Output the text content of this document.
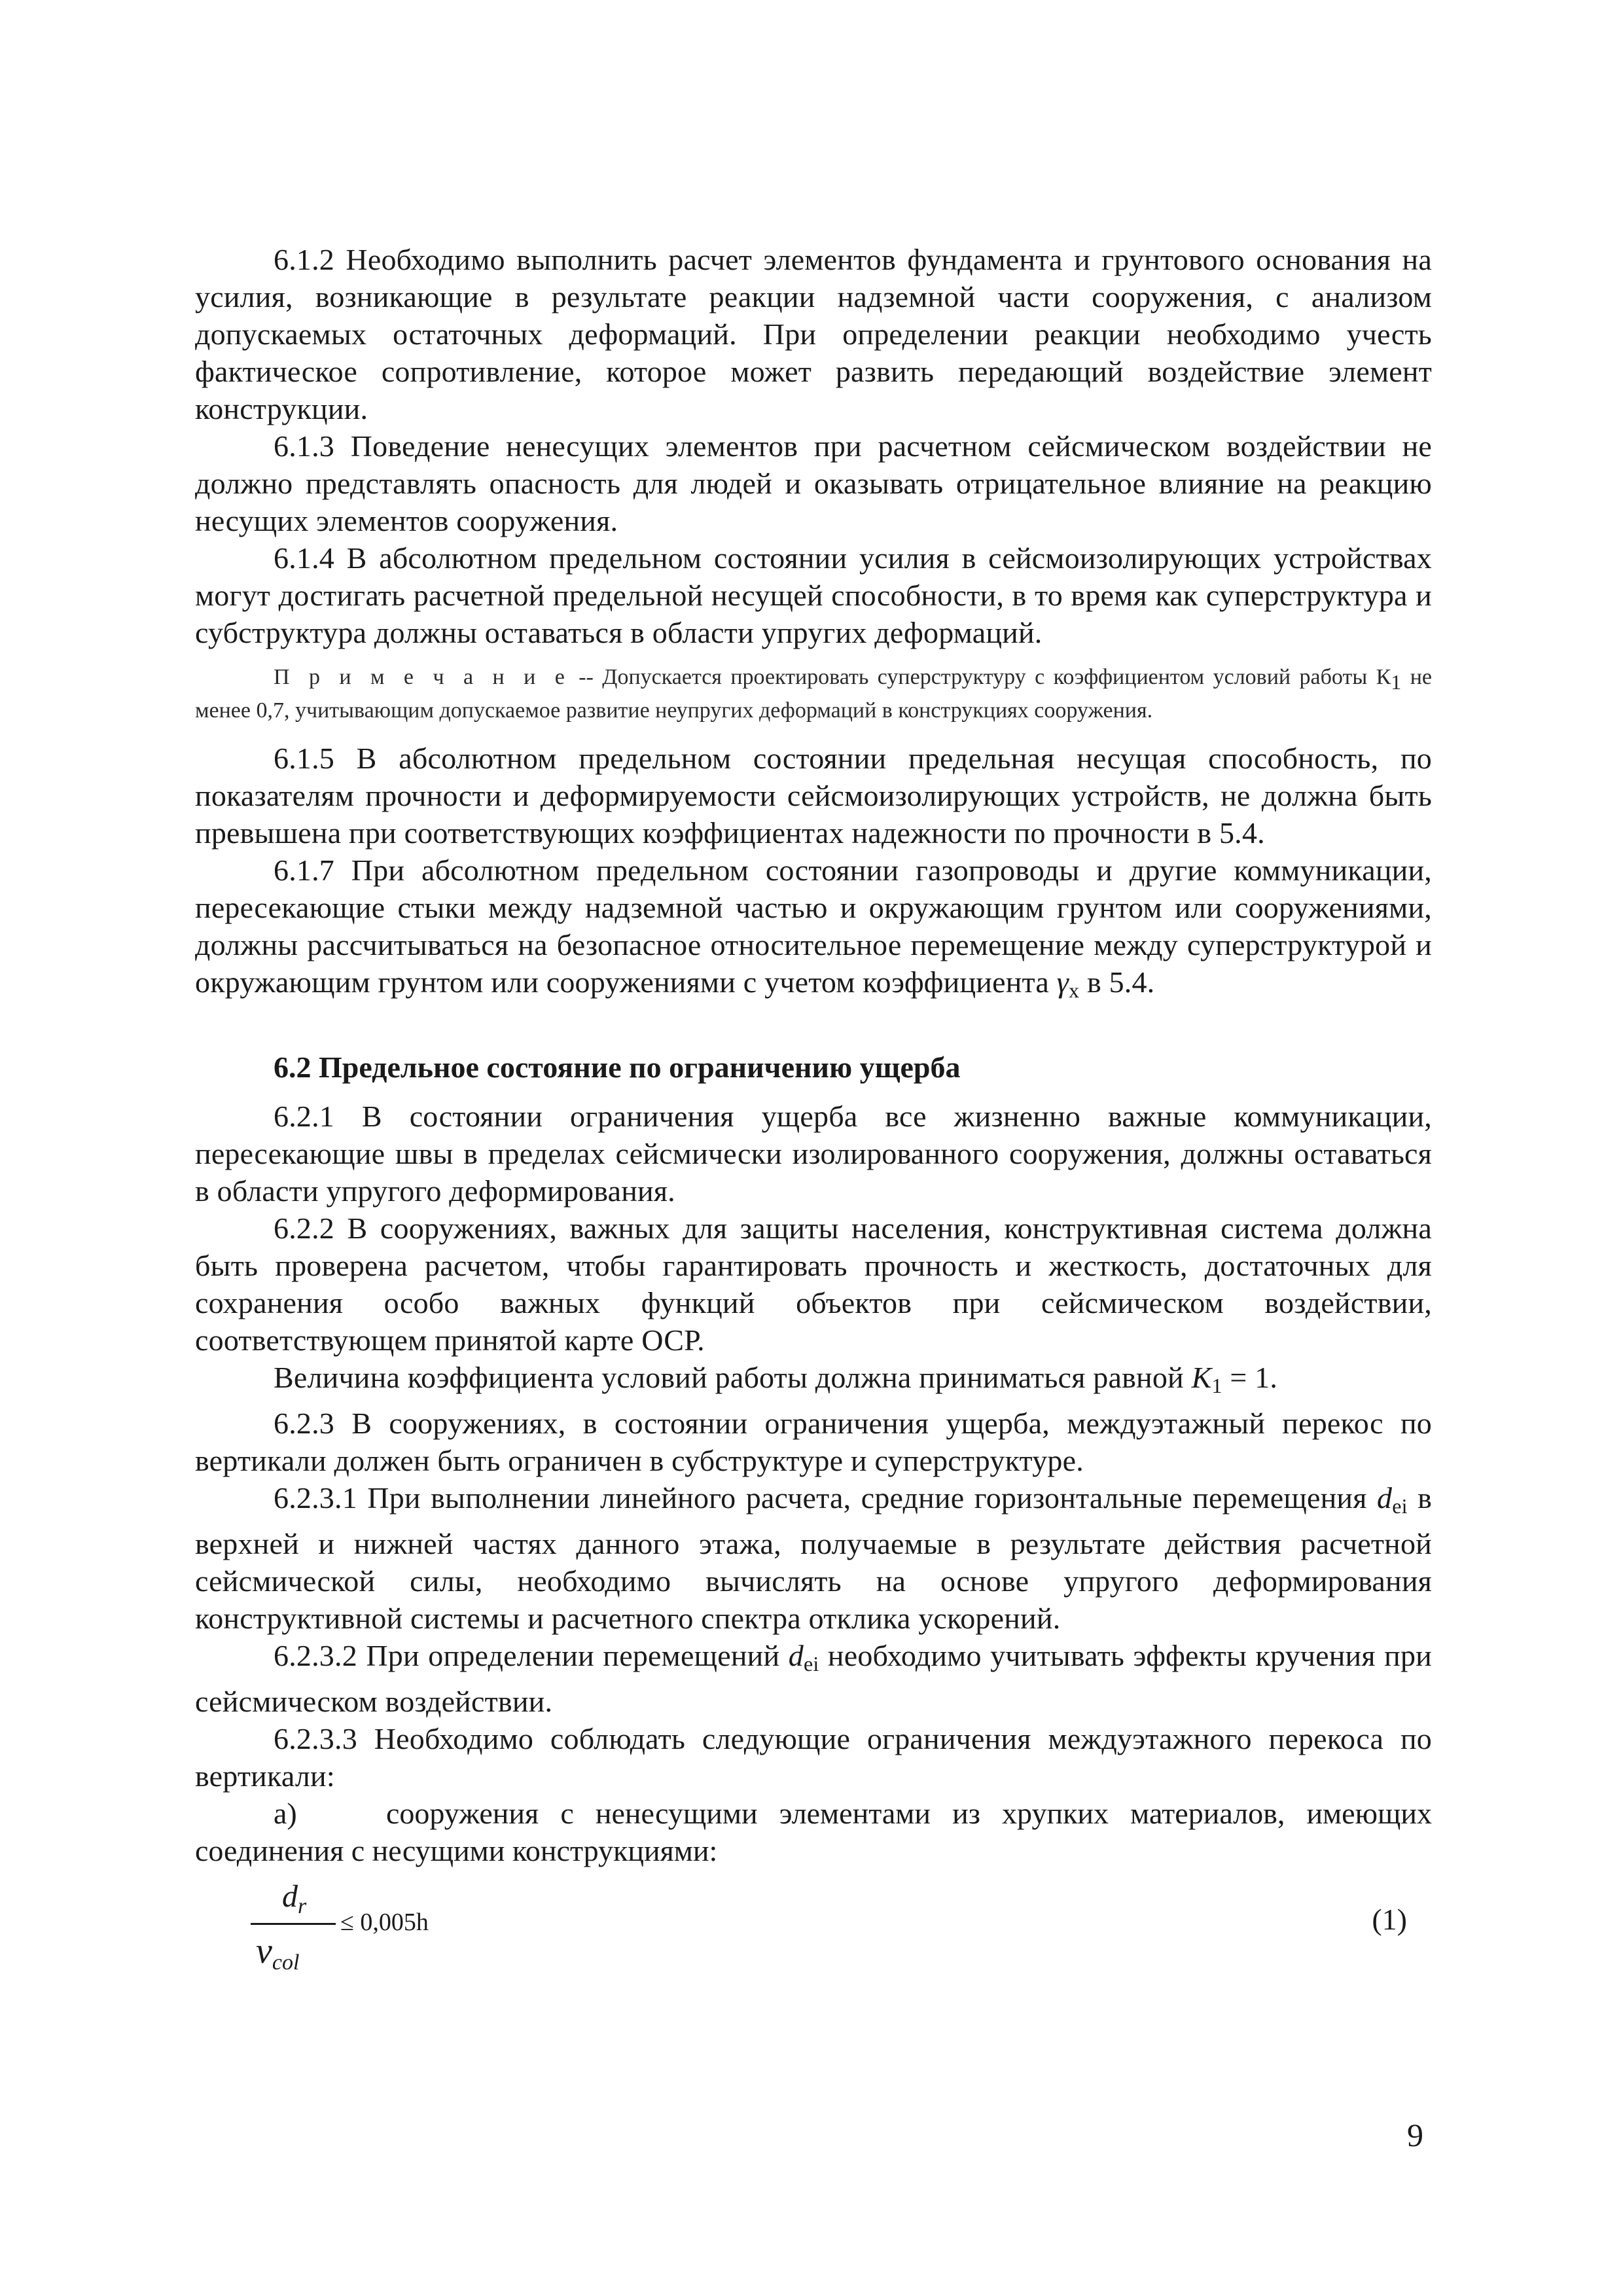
6.1.2 Необходимо выполнить расчет элементов фундамента и грунтового основания на усилия, возникающие в результате реакции надземной части сооружения, с анализом допускаемых остаточных деформаций. При определении реакции необходимо учесть фактическое сопротивление, которое может развить передающий воздействие элемент конструкции.

6.1.3 Поведение ненесущих элементов при расчетном сейсмическом воздействии не должно представлять опасность для людей и оказывать отрицательное влияние на реакцию несущих элементов сооружения.

6.1.4 В абсолютном предельном состоянии усилия в сейсмоизолирующих устройствах могут достигать расчетной предельной несущей способности, в то время как суперструктура и субструктура должны оставаться в области упругих деформаций.

П р и м е ч а н и е -- Допускается проектировать суперструктуру с коэффициентом условий работы $К_1$ не менее 0,7, учитывающим допускаемое развитие неупругих деформаций в конструкциях сооружения.

6.1.5 В абсолютном предельном состоянии предельная несущая способность, по показателям прочности и деформируемости сейсмоизолирующих устройств, не должна быть превышена при соответствующих коэффициентах надежности по прочности в 5.4.

6.1.7 При абсолютном предельном состоянии газопроводы и другие коммуникации, пересекающие стыки между надземной частью и окружающим грунтом или сооружениями, должны рассчитываться на безопасное относительное перемещение между суперструктурой и окружающим грунтом или сооружениями с учетом коэффициента $\gamma_x$ в 5.4.

6.2 Предельное состояние по ограничению ущерба

6.2.1 В состоянии ограничения ущерба все жизненно важные коммуникации, пересекающие швы в пределах сейсмически изолированного сооружения, должны оставаться в области упругого деформирования.

6.2.2 В сооружениях, важных для защиты населения, конструктивная система должна быть проверена расчетом, чтобы гарантировать прочность и жесткость, достаточных для сохранения особо важных функций объектов при сейсмическом воздействии, соответствующем принятой карте ОСР.

Величина коэффициента условий работы должна приниматься равной $K_1 = 1$.

6.2.3 В сооружениях, в состоянии ограничения ущерба, междуэтажный перекос по вертикали должен быть ограничен в субструктуре и суперструктуре.

6.2.3.1 При выполнении линейного расчета, средние горизонтальные перемещения $d_{ei}$ в верхней и нижней частях данного этажа, получаемые в результате действия расчетной сейсмической силы, необходимо вычислять на основе упругого деформирования конструктивной системы и расчетного спектра отклика ускорений.

6.2.3.2 При определении перемещений $d_{ei}$ необходимо учитывать эффекты кручения при сейсмическом воздействии.

6.2.3.3 Необходимо соблюдать следующие ограничения междуэтажного перекоса по вертикали:

а)	сооружения с ненесущими элементами из хрупких материалов, имеющих соединения с несущими конструкциями:

$d_r$
$v_{col}$
≤ 0,005h	(1)
9
